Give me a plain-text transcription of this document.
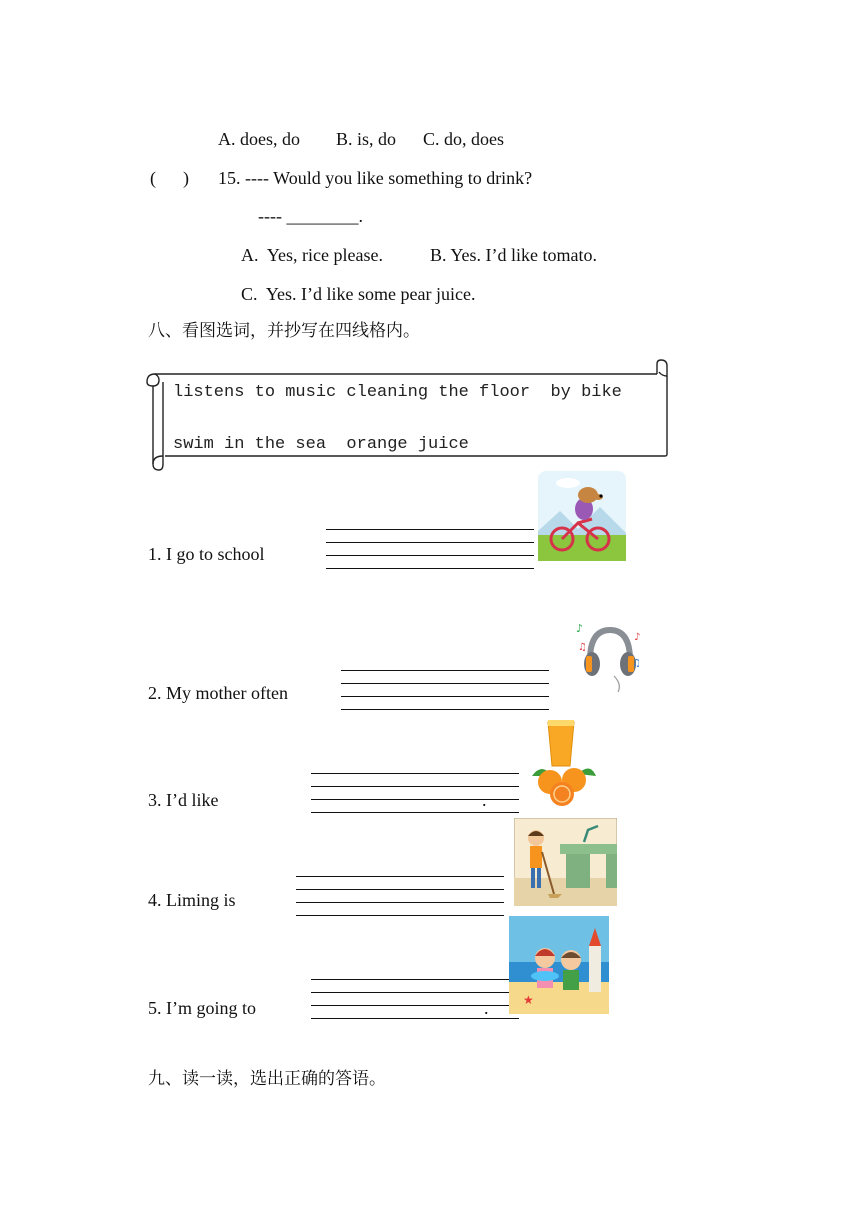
A. does, do        B. is, do      C. do, does
(      ) 15. ---- Would you like something to drink?
---- ________.
A.  Yes, rice please.	B. Yes. I’d like tomato.
C.  Yes. I’d like some pear juice.
八、看图选词，并抄写在四线格内。
listens to music cleaning the floor  by bike
swim in the sea  orange juice
1. I go to school
2. My mother often
♪
♫
♪
♫
3. I’d like	.
4. Liming is
5. I’m going to	.	★
九、读一读，选出正确的答语。
